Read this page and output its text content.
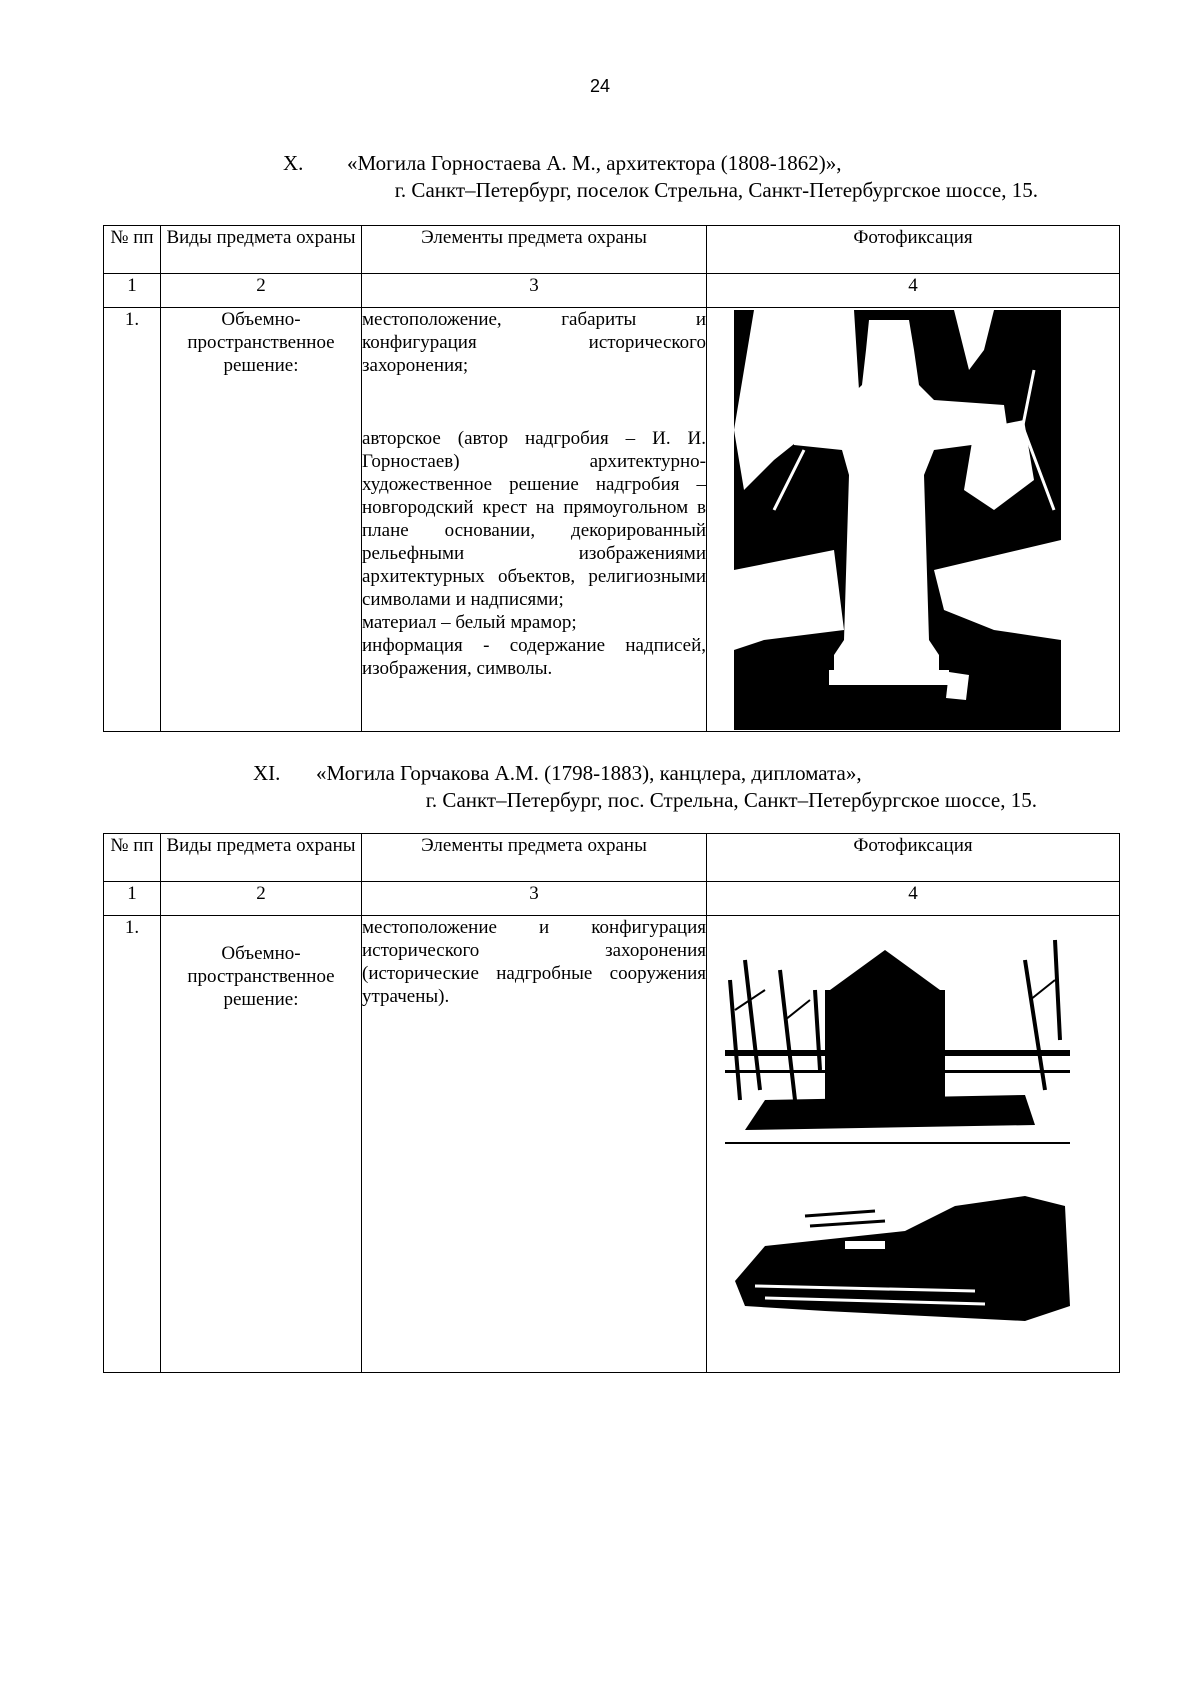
24
X.	«Могила Горностаева А. М., архитектора (1808-1862)»,
г. Санкт–Петербург, поселок Стрельна, Санкт-Петербургское шоссе, 15.
№ пп	Виды предмета охраны	Элементы предмета охраны	Фотофиксация
1	2	3	4
1.	Объемно-пространственное решение:	местоположение, габариты и конфигурация исторического захоронения;
авторское (автор надгробия – И. И. Горностаев) архитектурно-художественное решение надгробия – новгородский крест на прямоугольном в плане основании, декорированный рельефными изображениями архитектурных объектов, религиозными символами и надписями;
материал – белый мрамор;
информация - содержание надписей, изображения, символы.

XI.	«Могила Горчакова А.М. (1798-1883), канцлера, дипломата»,
г. Санкт–Петербург, пос. Стрельна, Санкт–Петербургское шоссе, 15.
№ пп	Виды предмета охраны	Элементы предмета охраны	Фотофиксация
1	2	3	4
1.	Объемно-пространственное решение:	местоположение и конфигурация исторического захоронения (исторические надгробные сооружения утрачены).
